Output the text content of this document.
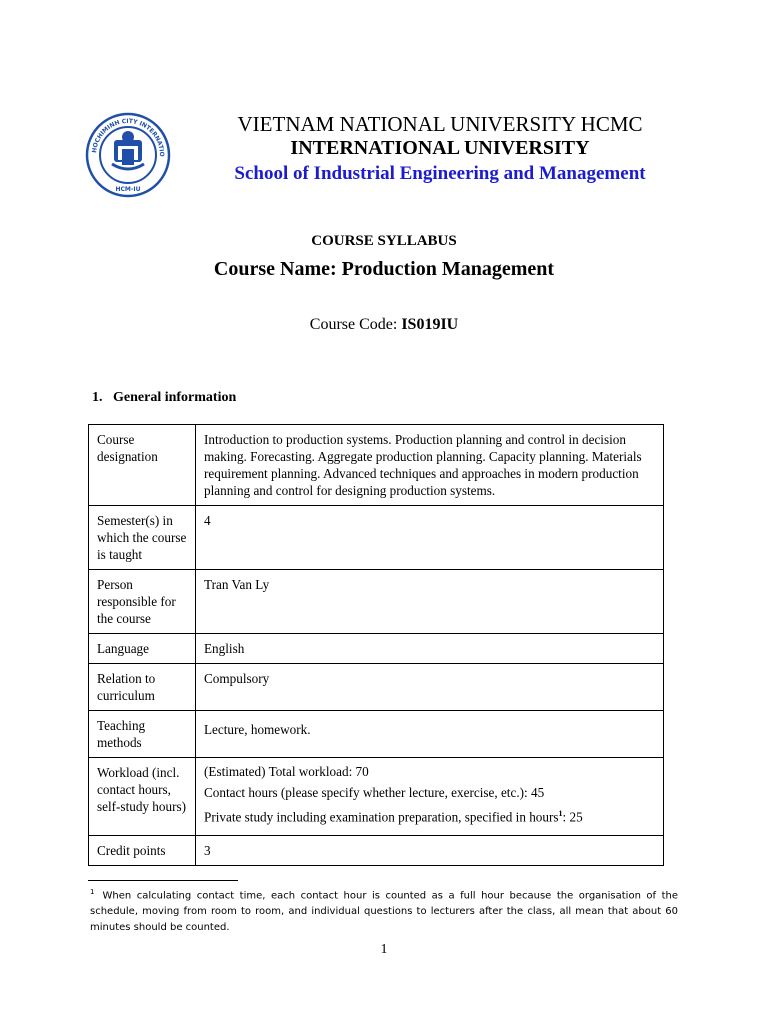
HOCHIMINH CITY INTERNATIO
HCM-IU
VIETNAM NATIONAL UNIVERSITY HCMC
INTERNATIONAL UNIVERSITY
School of Industrial Engineering and Management
COURSE SYLLABUS
Course Name: Production Management
Course Code: IS019IU
1.   General information
Course designation	Introduction to production systems. Production planning and control in decision making. Forecasting. Aggregate production planning. Capacity planning. Materials requirement planning. Advanced techniques and approaches in modern production planning and control for designing production systems.
Semester(s) in which the course is taught	4
Person responsible for the course	Tran Van Ly
Language	English
Relation to curriculum	Compulsory
Teaching methods	Lecture, homework.
Workload (incl. contact hours, self-study hours)	(Estimated) Total workload: 70
Contact hours (please specify whether lecture, exercise, etc.): 45
Private study including examination preparation, specified in hours$^1$: 25

Credit points	3
$^1$ When calculating contact time, each contact hour is counted as a full hour because the organisation of the schedule, moving from room to room, and individual questions to lecturers after the class, all mean that about 60 minutes should be counted.
1
